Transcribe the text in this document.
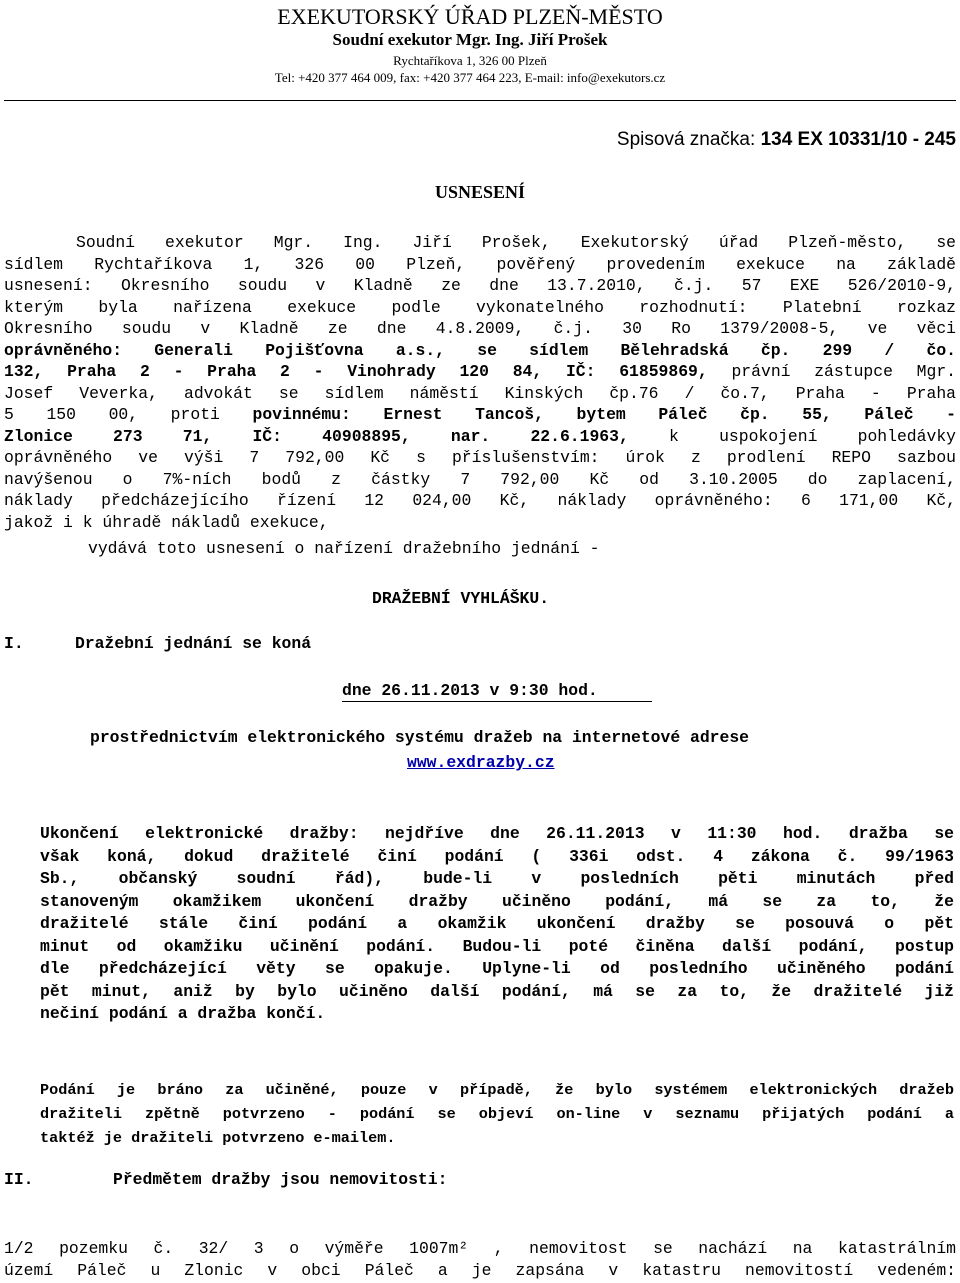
EXEKUTORSKÝ ÚŘAD PLZEŇ-MĚSTO
Soudní exekutor Mgr. Ing. Jiří Prošek
Rychtaříkova 1, 326 00 Plzeň
Tel: +420 377 464 009, fax: +420 377 464 223, E-mail: info@exekutors.cz
Spisová značka: 134 EX 10331/10 - 245
USNESENÍ
Soudní exekutor Mgr. Ing. Jiří Prošek, Exekutorský úřad Plzeň-město, se
sídlem Rychtaříkova 1, 326 00 Plzeň, pověřený provedením exekuce na základě
usnesení: Okresního soudu v Kladně ze dne 13.7.2010, č.j. 57 EXE 526/2010-9,
kterým byla nařízena exekuce podle vykonatelného rozhodnutí: Platební rozkaz
Okresního soudu v Kladně ze dne 4.8.2009, č.j. 30 Ro 1379/2008-5, ve věci
oprávněného: Generali Pojišťovna a.s., se sídlem Bělehradská čp. 299 / čo.
132, Praha 2 - Praha 2 - Vinohrady 120 84, IČ: 61859869, právní zástupce Mgr.
Josef Veverka, advokát se sídlem náměstí Kinských čp.76 / čo.7, Praha - Praha
5 150 00, proti povinnému: Ernest Tancoš, bytem Páleč čp. 55, Páleč -
Zlonice 273 71, IČ: 40908895, nar. 22.6.1963, k uspokojení pohledávky
oprávněného ve výši 7 792,00 Kč s příslušenstvím: úrok z prodlení REPO sazbou
navýšenou o 7%-ních bodů z částky 7 792,00 Kč od 3.10.2005 do zaplacení,
náklady předcházejícího řízení 12 024,00 Kč, náklady oprávněného: 6 171,00 Kč,
jakož i k úhradě nákladů exekuce,
vydává toto usnesení o nařízení dražebního jednání -
DRAŽEBNÍ VYHLÁŠKU.
I.	Dražební jednání se koná
dne 26.11.2013 v 9:30 hod.
prostřednictvím elektronického systému dražeb na internetové adrese
www.exdrazby.cz
Ukončení elektronické dražby: nejdříve dne 26.11.2013 v 11:30 hod. dražba se
však koná, dokud dražitelé činí podání ( 336i odst. 4 zákona č. 99/1963
Sb., občanský soudní řád), bude-li v posledních pěti minutách před
stanoveným okamžikem ukončení dražby učiněno podání, má se za to, že
dražitelé stále činí podání a okamžik ukončení dražby se posouvá o pět
minut od okamžiku učinění podání. Budou-li poté činěna další podání, postup
dle předcházející věty se opakuje. Uplyne-li od posledního učiněného podání
pět minut, aniž by bylo učiněno další podání, má se za to, že dražitelé již
nečiní podání a dražba končí.
Podání je bráno za učiněné, pouze v případě, že bylo systémem elektronických dražeb
dražiteli zpětně potvrzeno - podání se objeví on-line v seznamu přijatých podání a
taktéž je dražiteli potvrzeno e-mailem.
II.	Předmětem dražby jsou nemovitosti:
1/2 pozemku č. 32/ 3 o výměře 1007m² , nemovitost se nachází na katastrálním
území Páleč u Zlonic v obci Páleč a je zapsána v katastru nemovitostí vedeném:
